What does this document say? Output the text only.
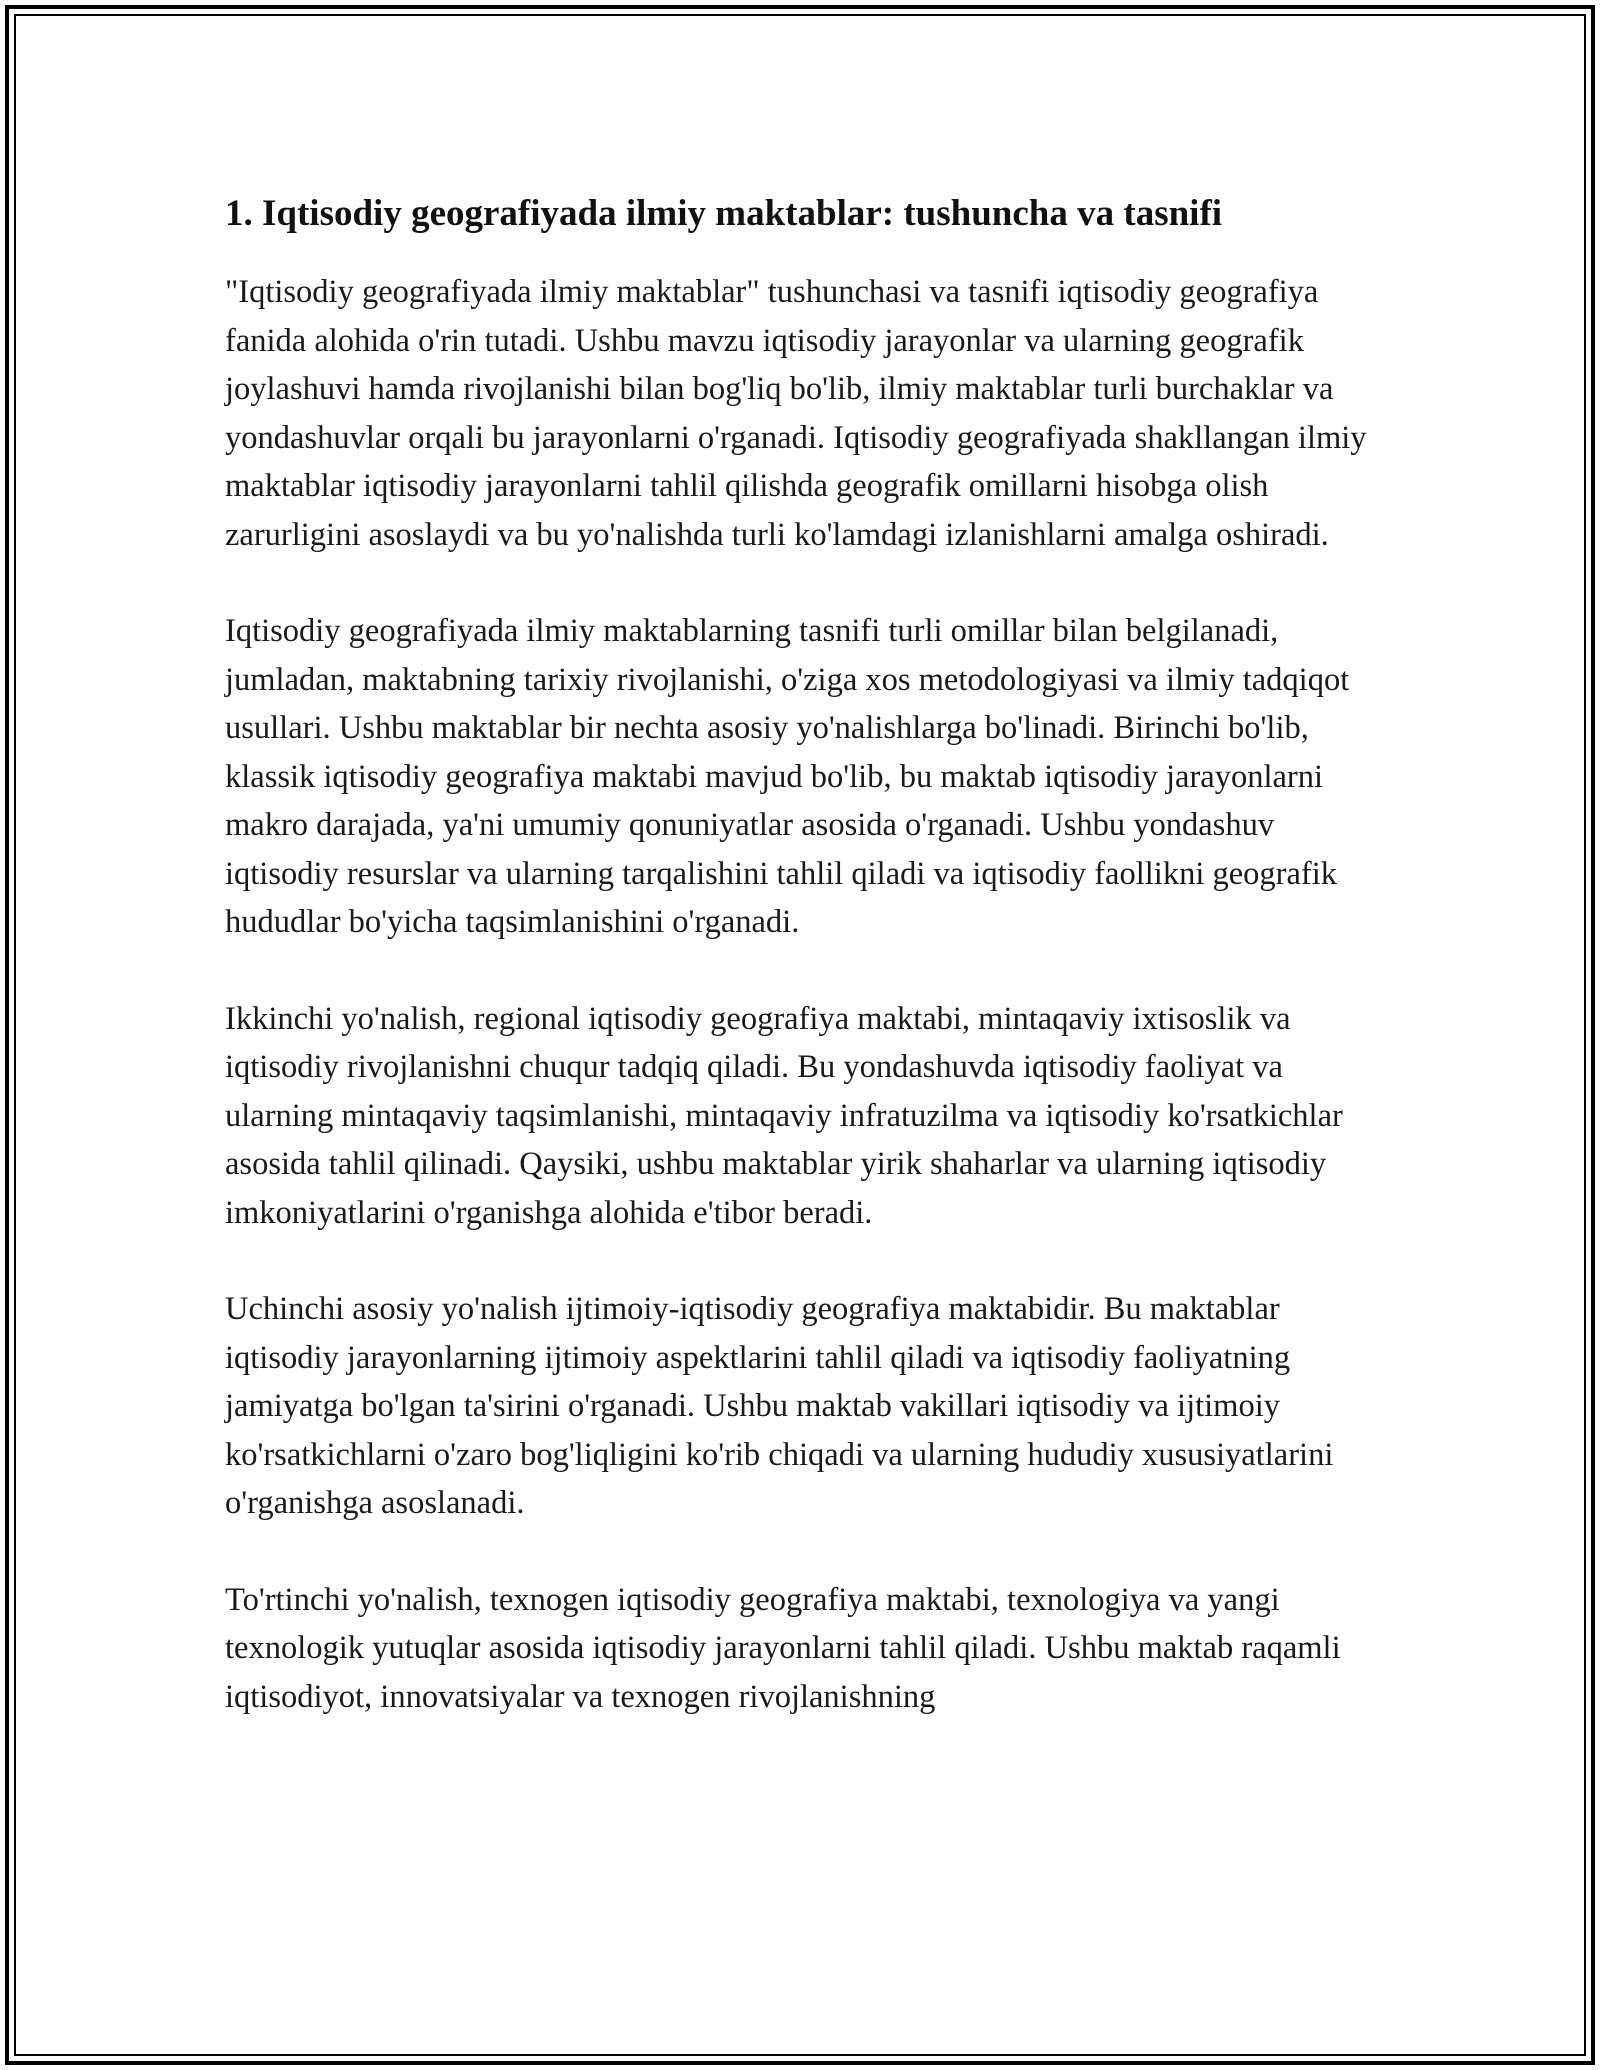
1. Iqtisodiy geografiyada ilmiy maktablar: tushuncha va tasnifi

"Iqtisodiy geografiyada ilmiy maktablar" tushunchasi va tasnifi iqtisodiy geografiya fanida alohida o'rin tutadi. Ushbu mavzu iqtisodiy jarayonlar va ularning geografik joylashuvi hamda rivojlanishi bilan bog'liq bo'lib, ilmiy maktablar turli burchaklar va yondashuvlar orqali bu jarayonlarni o'rganadi. Iqtisodiy geografiyada shakllangan ilmiy maktablar iqtisodiy jarayonlarni tahlil qilishda geografik omillarni hisobga olish zarurligini asoslaydi va bu yo'nalishda turli ko'lamdagi izlanishlarni amalga oshiradi.

Iqtisodiy geografiyada ilmiy maktablarning tasnifi turli omillar bilan belgilanadi, jumladan, maktabning tarixiy rivojlanishi, o'ziga xos metodologiyasi va ilmiy tadqiqot usullari. Ushbu maktablar bir nechta asosiy yo'nalishlarga bo'linadi. Birinchi bo'lib, klassik iqtisodiy geografiya maktabi mavjud bo'lib, bu maktab iqtisodiy jarayonlarni makro darajada, ya'ni umumiy qonuniyatlar asosida o'rganadi. Ushbu yondashuv iqtisodiy resurslar va ularning tarqalishini tahlil qiladi va iqtisodiy faollikni geografik hududlar bo'yicha taqsimlanishini o'rganadi.

Ikkinchi yo'nalish, regional iqtisodiy geografiya maktabi, mintaqaviy ixtisoslik va iqtisodiy rivojlanishni chuqur tadqiq qiladi. Bu yondashuvda iqtisodiy faoliyat va ularning mintaqaviy taqsimlanishi, mintaqaviy infratuzilma va iqtisodiy ko'rsatkichlar asosida tahlil qilinadi. Qaysiki, ushbu maktablar yirik shaharlar va ularning iqtisodiy imkoniyatlarini o'rganishga alohida e'tibor beradi.

Uchinchi asosiy yo'nalish ijtimoiy-iqtisodiy geografiya maktabidir. Bu maktablar iqtisodiy jarayonlarning ijtimoiy aspektlarini tahlil qiladi va iqtisodiy faoliyatning jamiyatga bo'lgan ta'sirini o'rganadi. Ushbu maktab vakillari iqtisodiy va ijtimoiy ko'rsatkichlarni o'zaro bog'liqligini ko'rib chiqadi va ularning hududiy xususiyatlarini o'rganishga asoslanadi.

To'rtinchi yo'nalish, texnogen iqtisodiy geografiya maktabi, texnologiya va yangi texnologik yutuqlar asosida iqtisodiy jarayonlarni tahlil qiladi. Ushbu maktab raqamli iqtisodiyot, innovatsiyalar va texnogen rivojlanishning
